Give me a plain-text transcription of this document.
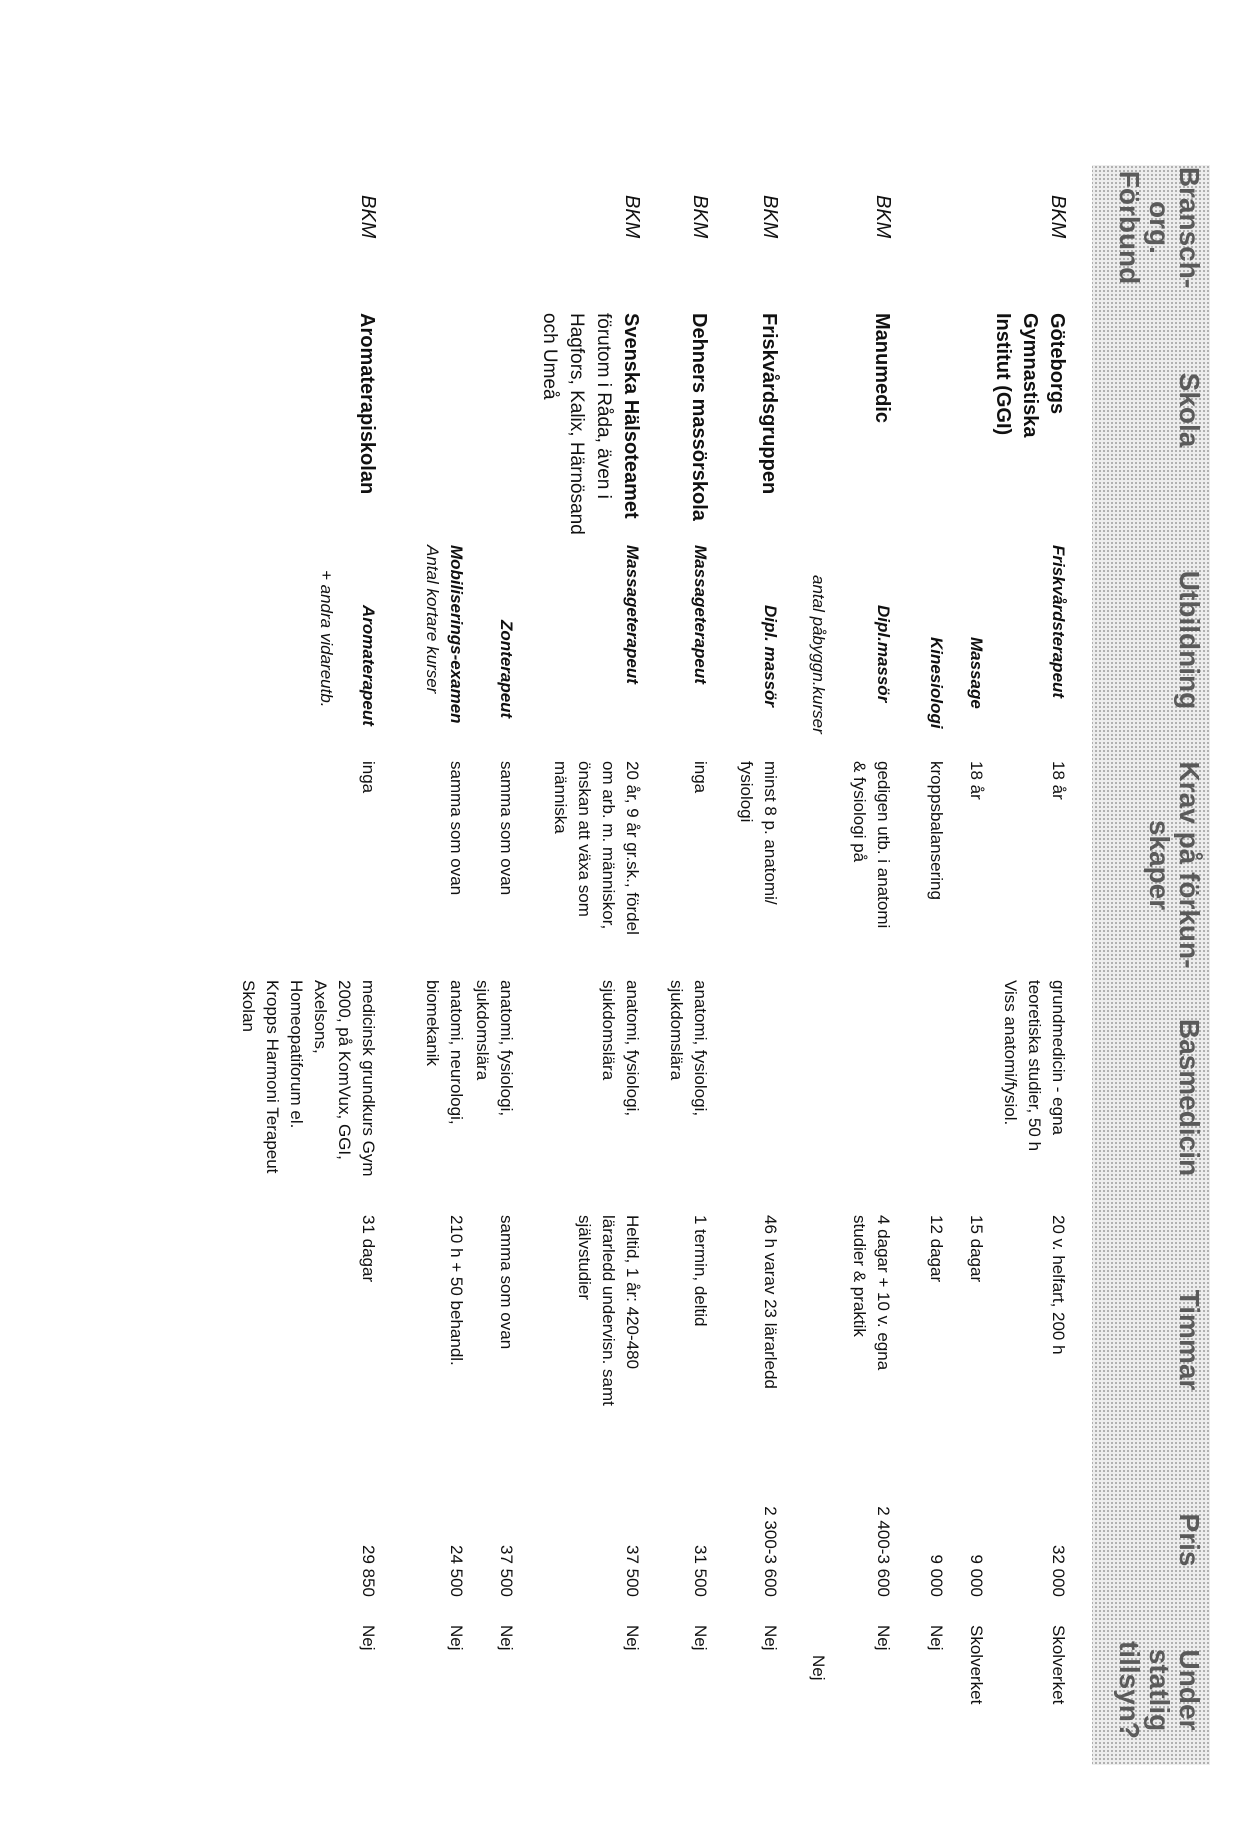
Bransch-
org.
Förbund
Skola
Utbildning
Krav på förkun-
skaper
Basmedicin
Timmar
Pris
Under
statlig
tillsyn?
BKM
Göteborgs Gymnastiska
Institut (GGI)
Friskvårdsterapeut
18 år
grundmedicin - egna
teoretiska studier, 50 h
Viss anatomi/fysiol.
20 v. helfart, 200 h
32 000
Skolverket
Massage
18 år
15 dagar
9 000
Skolverket
Kinesiologi
kroppsbalansering
12 dagar
9 000
Nej
BKM
Manumedic
Dipl.massör
gedigen utb. i anatomi
& fysiologi på
4 dagar + 10 v. egna
studier & praktik
2 400-3 600
Nej
antal påbyggn.kurser
Nej
BKM
Friskvårdsgruppen
Dipl. massör
minst 8 p. anatomi/
fysiologi
46 h varav 23 lärarledd
2 300-3 600
Nej
BKM
Dehners massörskola
Massageterapeut
inga
anatomi, fysiologi,
sjukdomslära
1 termin, deltid
31 500
Nej
BKM
Svenska Hälsoteamet
förutom i Råda, även i
Hagfors, Kalix, Härnösand
och Umeå
Massageterapeut
20 år, 9 år gr.sk., fördel
om arb. m. människor,
önskan att växa som
människa
anatomi, fysiologi,
sjukdomslära
Heltid, 1 år: 420-480
lärarledd undervisn. samt
självstudier
37 500
Nej
Zonterapeut
samma som ovan
anatomi, fysiologi,
sjukdomslära
samma som ovan
37 500
Nej
Mobiliserings-examen
Antal kortare kurser
samma som ovan
anatomi, neurologi,
biomekanik
210 h + 50 behandl.
24 500
Nej
BKM
Aromaterapiskolan
Aromaterapeut
+ andra vidareutb.
inga
medicinsk grundkurs Gym
2000, på KomVux, GGI,
Axelsons,
Homeopatiforum el.
Kropps Harmoni Terapeut
Skolan
31 dagar
29 850
Nej
